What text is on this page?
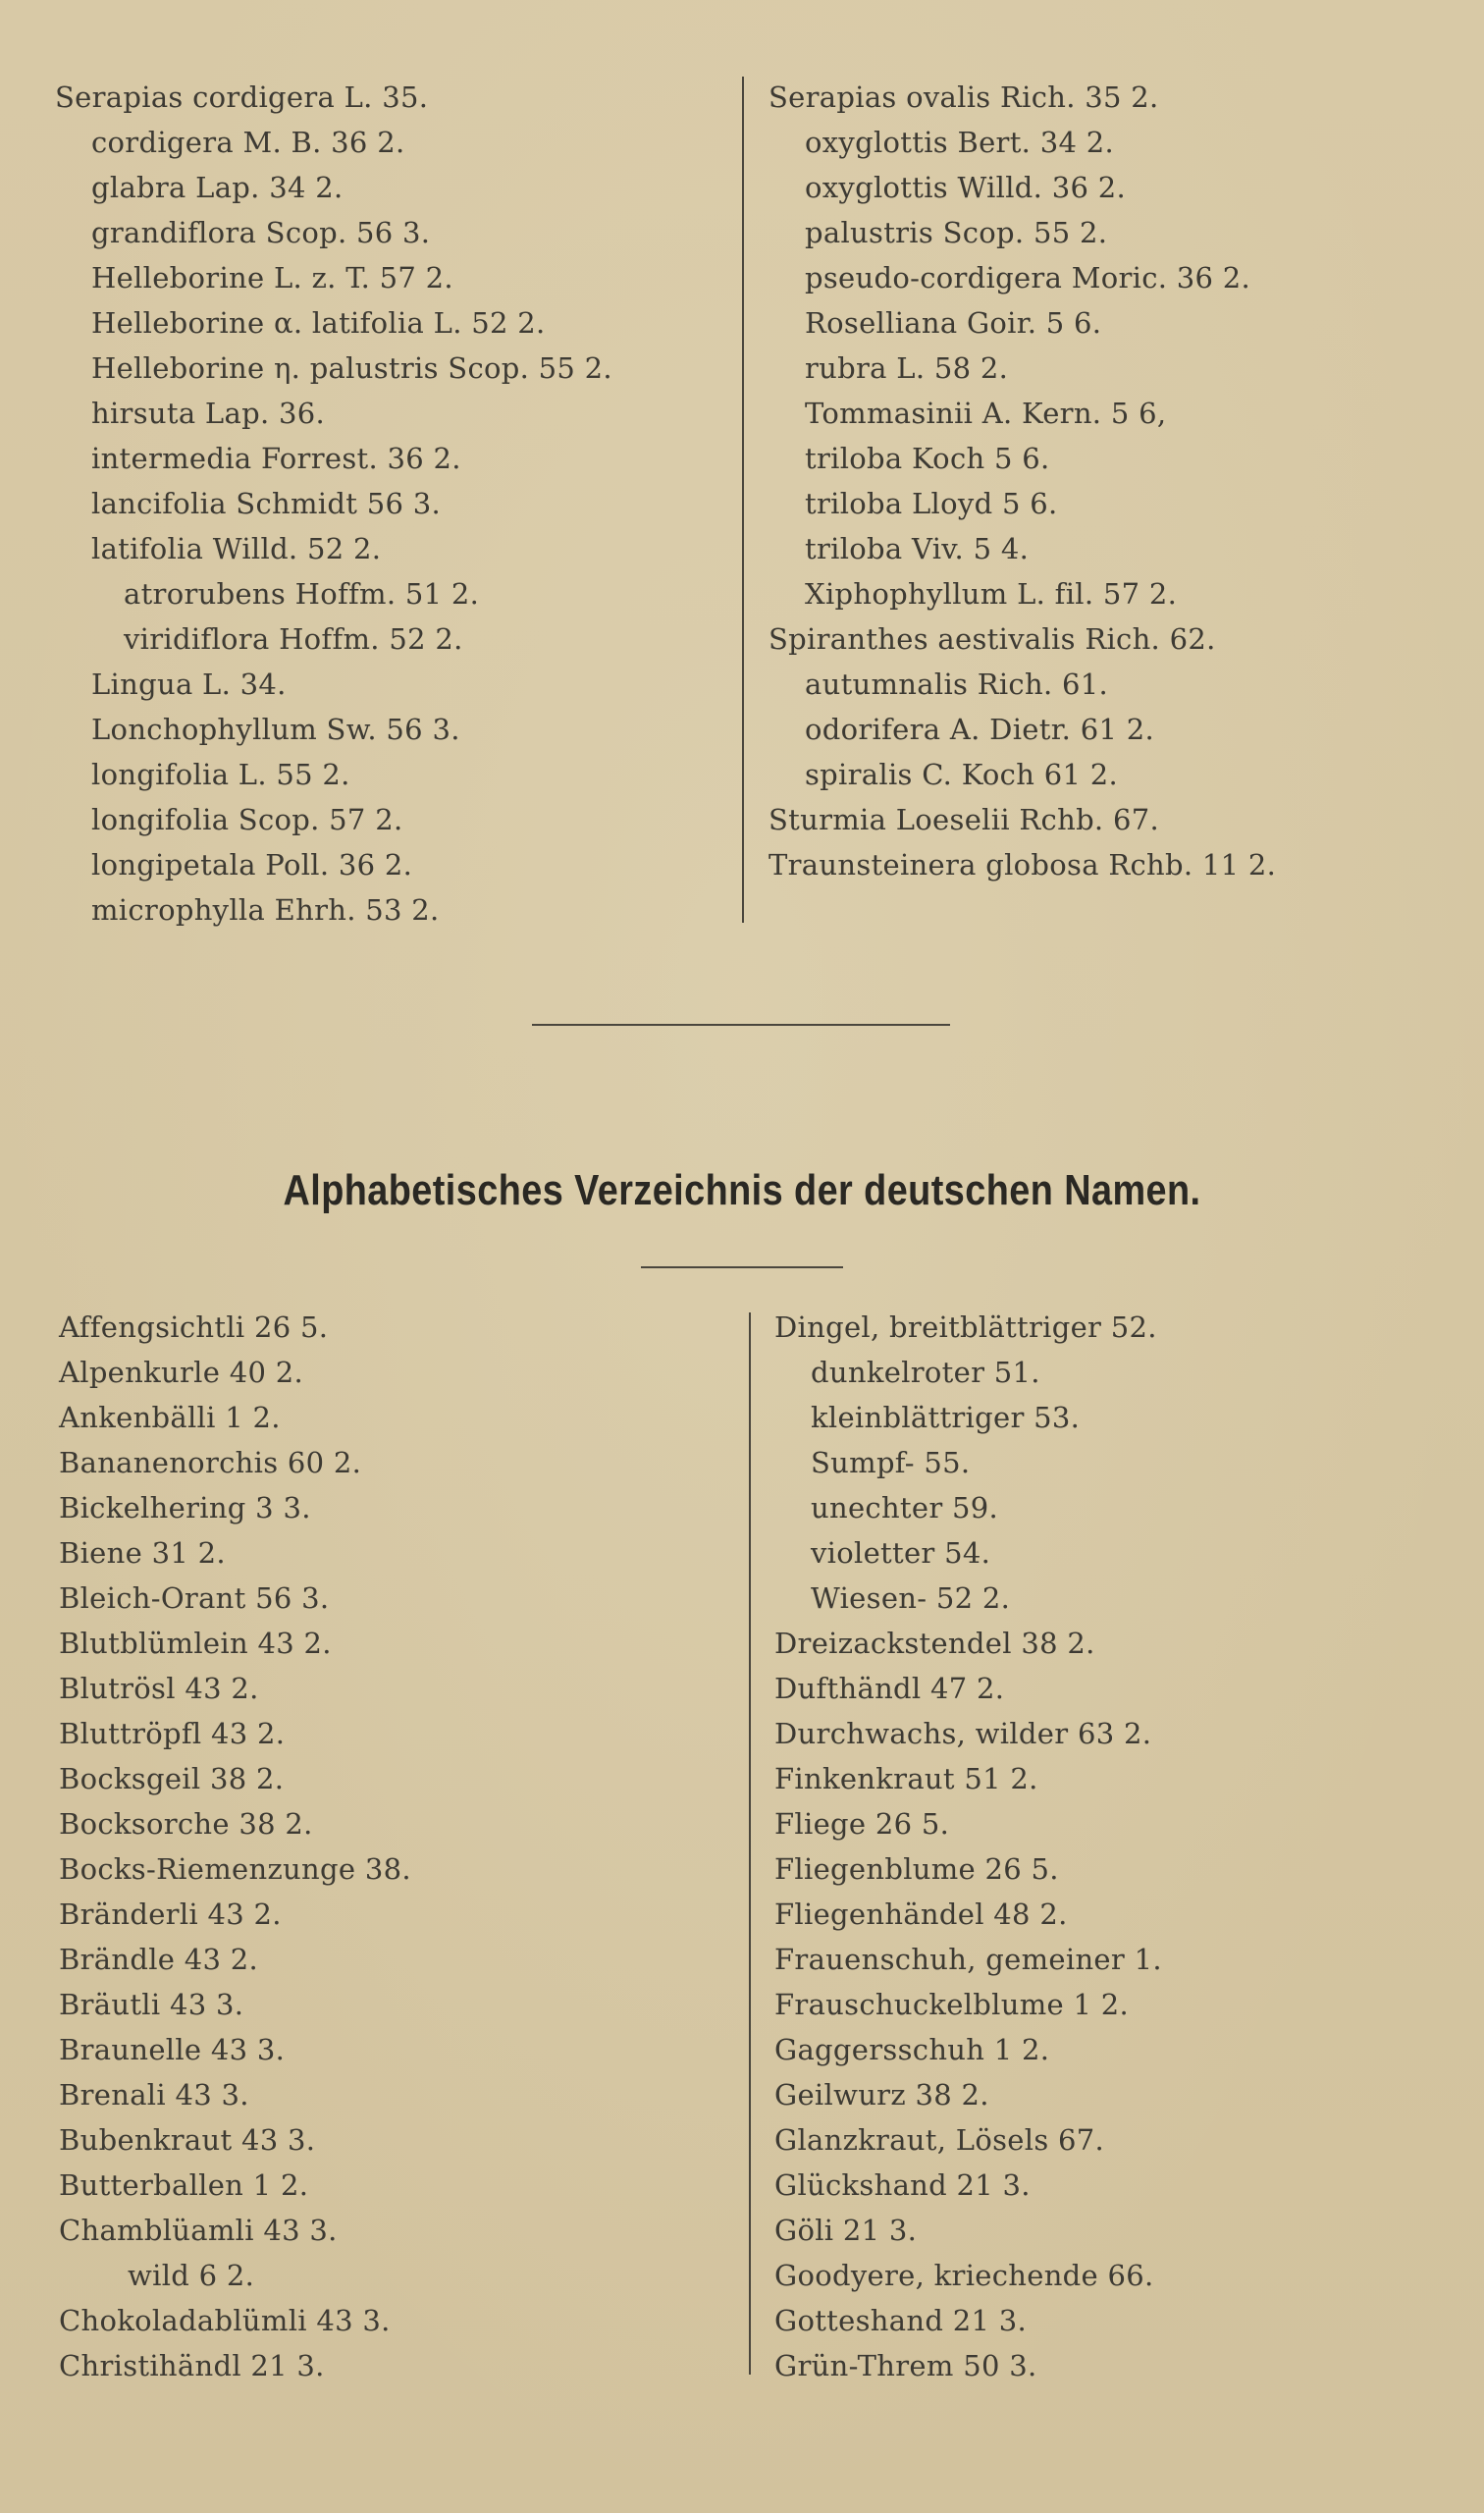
Serapias cordigera L. 35.
cordigera M. B. 36 2.
glabra Lap. 34 2.
grandiflora Scop. 56 3.
Helleborine L. z. T. 57 2.
Helleborine α. latifolia L. 52 2.
Helleborine η. palustris Scop. 55 2.
hirsuta Lap. 36.
intermedia Forrest. 36 2.
lancifolia Schmidt 56 3.
latifolia Willd. 52 2.
atrorubens Hoffm. 51 2.
viridiflora Hoffm. 52 2.
Lingua L. 34.
Lonchophyllum Sw. 56 3.
longifolia L. 55 2.
longifolia Scop. 57 2.
longipetala Poll. 36 2.
microphylla Ehrh. 53 2.
Serapias ovalis Rich. 35 2.
oxyglottis Bert. 34 2.
oxyglottis Willd. 36 2.
palustris Scop. 55 2.
pseudo-cordigera Moric. 36 2.
Roselliana Goir. 5 6.
rubra L. 58 2.
Tommasinii A. Kern. 5 6,
triloba Koch 5 6.
triloba Lloyd 5 6.
triloba Viv. 5 4.
Xiphophyllum L. fil. 57 2.
Spiranthes aestivalis Rich. 62.
autumnalis Rich. 61.
odorifera A. Dietr. 61 2.
spiralis C. Koch 61 2.
Sturmia Loeselii Rchb. 67.
Traunsteinera globosa Rchb. 11 2.
Alphabetisches Verzeichnis der deutschen Namen.
Affengsichtli 26 5.
Alpenkurle 40 2.
Ankenbälli 1 2.
Bananenorchis 60 2.
Bickelhering 3 3.
Biene 31 2.
Bleich-Orant 56 3.
Blutblümlein 43 2.
Blutrösl 43 2.
Bluttröpfl 43 2.
Bocksgeil 38 2.
Bocksorche 38 2.
Bocks-Riemenzunge 38.
Bränderli 43 2.
Brändle 43 2.
Bräutli 43 3.
Braunelle 43 3.
Brenali 43 3.
Bubenkraut 43 3.
Butterballen 1 2.
Chamblüamli 43 3.
wild 6 2.
Chokoladablümli 43 3.
Christihändl 21 3.
Dingel, breitblättriger 52.
dunkelroter 51.
kleinblättriger 53.
Sumpf- 55.
unechter 59.
violetter 54.
Wiesen- 52 2.
Dreizackstendel 38 2.
Dufthändl 47 2.
Durchwachs, wilder 63 2.
Finkenkraut 51 2.
Fliege 26 5.
Fliegenblume 26 5.
Fliegenhändel 48 2.
Frauenschuh, gemeiner 1.
Frauschuckelblume 1 2.
Gaggersschuh 1 2.
Geilwurz 38 2.
Glanzkraut, Lösels 67.
Glückshand 21 3.
Göli 21 3.
Goodyere, kriechende 66.
Gotteshand 21 3.
Grün-Threm 50 3.
